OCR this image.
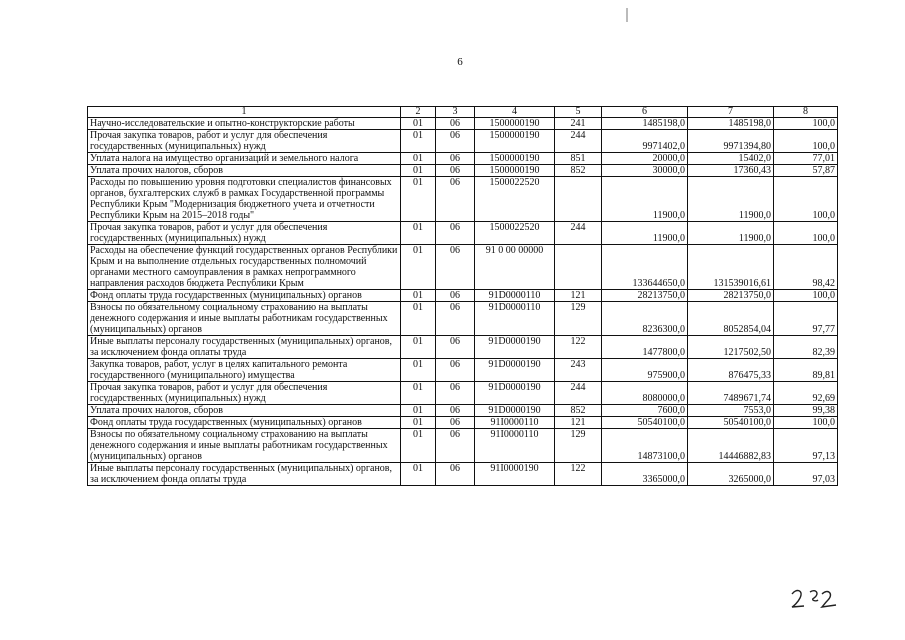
6
1	2	3	4	5	6	7	8
Научно-исследовательские и опытно-конструкторские работы	01	06	1500000190	241	1485198,0	1485198,0	100,0
Прочая закупка товаров, работ и услуг для обеспечения государственных (муниципальных) нужд	01	06	1500000190	244	9971402,0	9971394,80	100,0
Уплата налога на имущество организаций и земельного налога	01	06	1500000190	851	20000,0	15402,0	77,01
Уплата прочих налогов, сборов	01	06	1500000190	852	30000,0	17360,43	57,87
Расходы по повышению уровня подготовки специалистов финансовых органов, бухгалтерских служб в рамках Государственной программы Республики Крым "Модернизация бюджетного учета и отчетности Республики Крым на 2015–2018 годы"	01	06	1500022520		11900,0	11900,0	100,0
Прочая закупка товаров, работ и услуг для обеспечения государственных (муниципальных) нужд	01	06	1500022520	244	11900,0	11900,0	100,0
Расходы на обеспечение функций государственных органов Республики Крым и на выполнение отдельных государственных полномочий органами местного самоуправления в рамках непрограммного направления расходов бюджета Республики Крым	01	06	91 0 00 00000		133644650,0	131539016,61	98,42
Фонд оплаты труда государственных (муниципальных) органов	01	06	91D0000110	121	28213750,0	28213750,0	100,0
Взносы по обязательному социальному страхованию на выплаты денежного содержания и иные выплаты работникам государственных (муниципальных) органов	01	06	91D0000110	129	8236300,0	8052854,04	97,77
Иные выплаты персоналу государственных (муниципальных) органов, за исключением фонда оплаты труда	01	06	91D0000190	122	1477800,0	1217502,50	82,39
Закупка товаров, работ, услуг в целях капитального ремонта государственного (муниципального) имущества	01	06	91D0000190	243	975900,0	876475,33	89,81
Прочая закупка товаров, работ и услуг для обеспечения государственных (муниципальных) нужд	01	06	91D0000190	244	8080000,0	7489671,74	92,69
Уплата прочих налогов, сборов	01	06	91D0000190	852	7600,0	7553,0	99,38
Фонд оплаты труда государственных (муниципальных) органов	01	06	91I0000110	121	50540100,0	50540100,0	100,0
Взносы по обязательному социальному страхованию на выплаты денежного содержания и иные выплаты работникам государственных (муниципальных) органов	01	06	91I0000110	129	14873100,0	14446882,83	97,13
Иные выплаты персоналу государственных (муниципальных) органов, за исключением фонда оплаты труда	01	06	91I0000190	122	3365000,0	3265000,0	97,03
